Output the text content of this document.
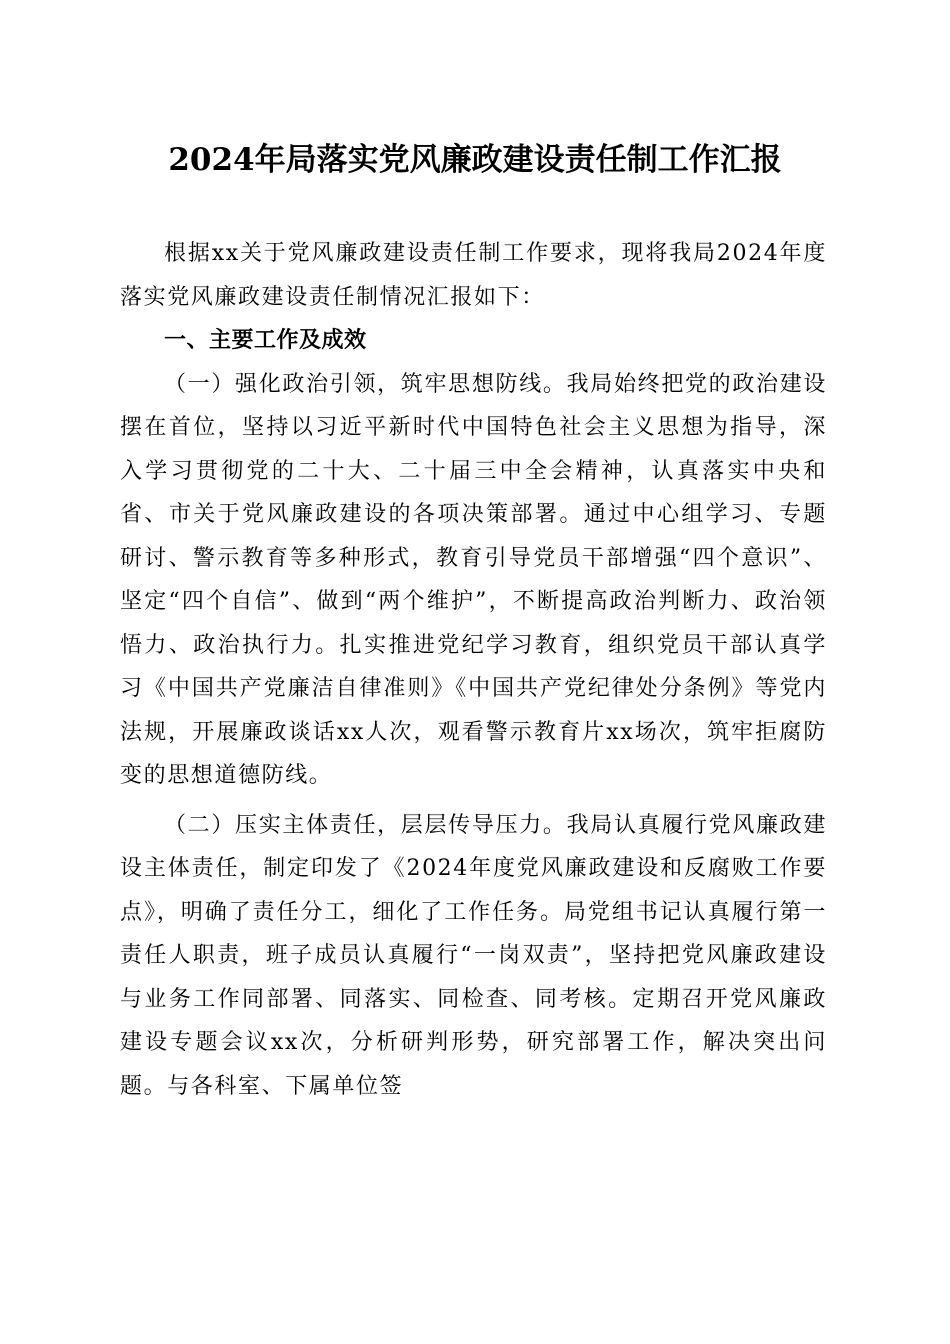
2024年局落实党风廉政建设责任制工作汇报

根据xx关于党风廉政建设责任制工作要求，现将我局2024年度落实党风廉政建设责任制情况汇报如下：

一、主要工作及成效

（一）强化政治引领，筑牢思想防线。我局始终把党的政治建设摆在首位，坚持以习近平新时代中国特色社会主义思想为指导，深入学习贯彻党的二十大、二十届三中全会精神，认真落实中央和省、市关于党风廉政建设的各项决策部署。通过中心组学习、专题研讨、警示教育等多种形式，教育引导党员干部增强“四个意识”、坚定“四个自信”、做到“两个维护”，不断提高政治判断力、政治领悟力、政治执行力。扎实推进党纪学习教育，组织党员干部认真学习《中国共产党廉洁自律准则》《中国共产党纪律处分条例》等党内法规，开展廉政谈话xx人次，观看警示教育片xx场次，筑牢拒腐防变的思想道德防线。

（二）压实主体责任，层层传导压力。我局认真履行党风廉政建设主体责任，制定印发了《2024年度党风廉政建设和反腐败工作要点》，明确了责任分工，细化了工作任务。局党组书记认真履行第一责任人职责，班子成员认真履行“一岗双责”，坚持把党风廉政建设与业务工作同部署、同落实、同检查、同考核。定期召开党风廉政建设专题会议xx次，分析研判形势，研究部署工作，解决突出问题。与各科室、下属单位签
